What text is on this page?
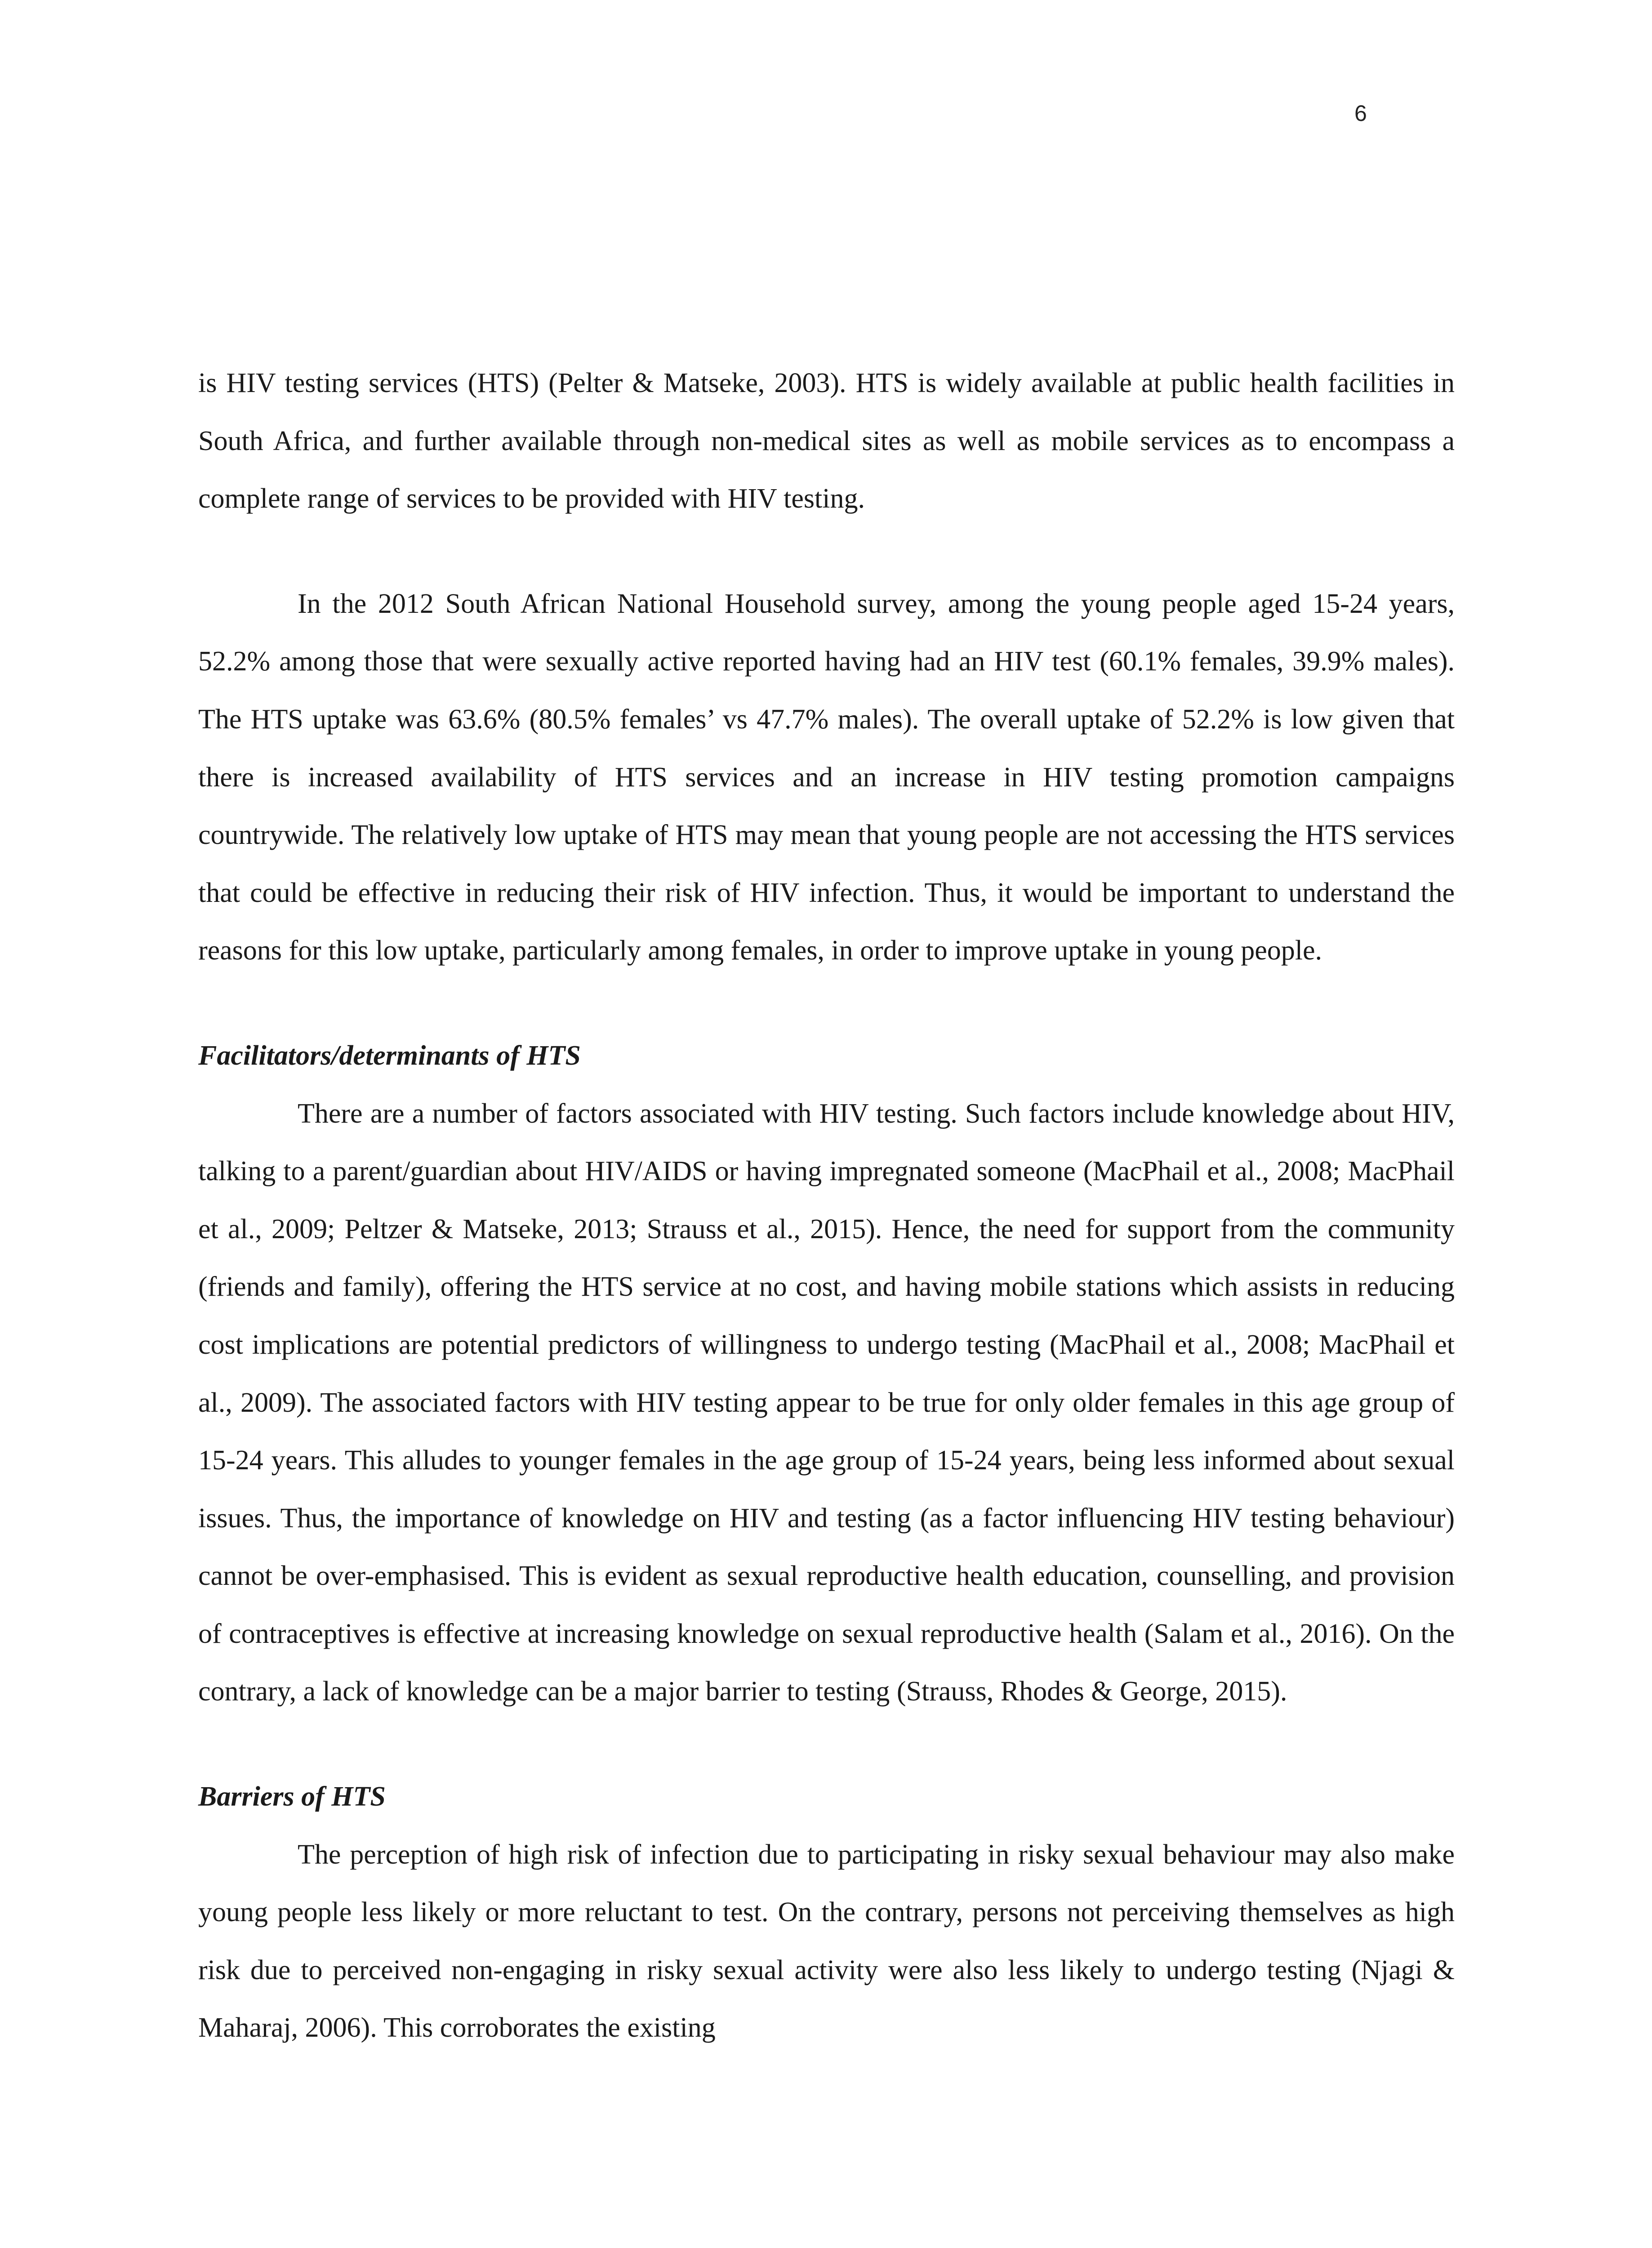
6

is HIV testing services (HTS) (Pelter & Matseke, 2003). HTS is widely available at public health facilities in South Africa, and further available through non-medical sites as well as mobile services as to encompass a complete range of services to be provided with HIV testing.

In the 2012 South African National Household survey, among the young people aged 15-24 years, 52.2% among those that were sexually active reported having had an HIV test (60.1% females, 39.9% males). The HTS uptake was 63.6% (80.5% females’ vs 47.7% males). The overall uptake of 52.2% is low given that there is increased availability of HTS services and an increase in HIV testing promotion campaigns countrywide. The relatively low uptake of HTS may mean that young people are not accessing the HTS services that could be effective in reducing their risk of HIV infection. Thus, it would be important to understand the reasons for this low uptake, particularly among females, in order to improve uptake in young people.

Facilitators/determinants of HTS

There are a number of factors associated with HIV testing. Such factors include knowledge about HIV, talking to a parent/guardian about HIV/AIDS or having impregnated someone (MacPhail et al., 2008; MacPhail et al., 2009; Peltzer & Matseke, 2013; Strauss et al., 2015). Hence, the need for support from the community (friends and family), offering the HTS service at no cost, and having mobile stations which assists in reducing cost implications are potential predictors of willingness to undergo testing (MacPhail et al., 2008; MacPhail et al., 2009). The associated factors with HIV testing appear to be true for only older females in this age group of 15-24 years. This alludes to younger females in the age group of 15-24 years, being less informed about sexual issues. Thus, the importance of knowledge on HIV and testing (as a factor influencing HIV testing behaviour) cannot be over-emphasised. This is evident as sexual reproductive health education, counselling, and provision of contraceptives is effective at increasing knowledge on sexual reproductive health (Salam et al., 2016). On the contrary, a lack of knowledge can be a major barrier to testing (Strauss, Rhodes & George, 2015).

Barriers of HTS

The perception of high risk of infection due to participating in risky sexual behaviour may also make young people less likely or more reluctant to test. On the contrary, persons not perceiving themselves as high risk due to perceived non-engaging in risky sexual activity were also less likely to undergo testing (Njagi & Maharaj, 2006). This corroborates the existing
